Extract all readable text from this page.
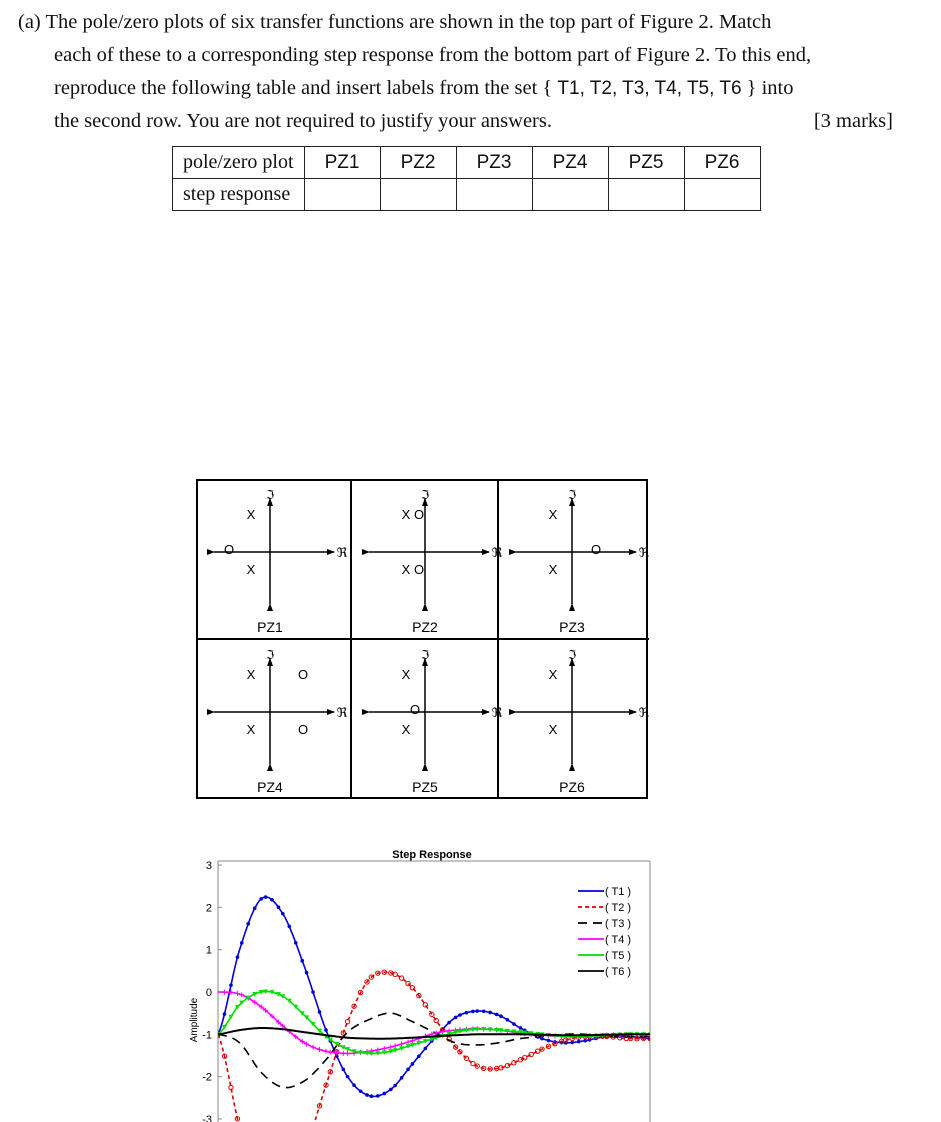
(a) The pole/zero plots of six transfer functions are shown in the top part of Figure 2. Match
each of these to a corresponding step response from the bottom part of Figure 2. To this end,
reproduce the following table and insert labels from the set { T1, T2, T3, T4, T5, T6 } into
the second row. You are not required to justify your answers.	[3 marks]
pole/zero plot	PZ1	PZ2	PZ3	PZ4	PZ5	PZ6
step response						
ℜ
ℑ
X
X
O
PZ1
ℜ
ℑ
X
X
O
O
PZ2
ℜ
ℑ
X
X
O
PZ3
ℜ
ℑ
X
X
O
O
PZ4
ℜ
ℑ
X
X
O
PZ5
ℜ
ℑ
X
X
PZ6
Step Response
Amplitude
3
2
1
0
-1
-2
-3
( T1 )
( T2 )
( T3 )
( T4 )
( T5 )
( T6 )
